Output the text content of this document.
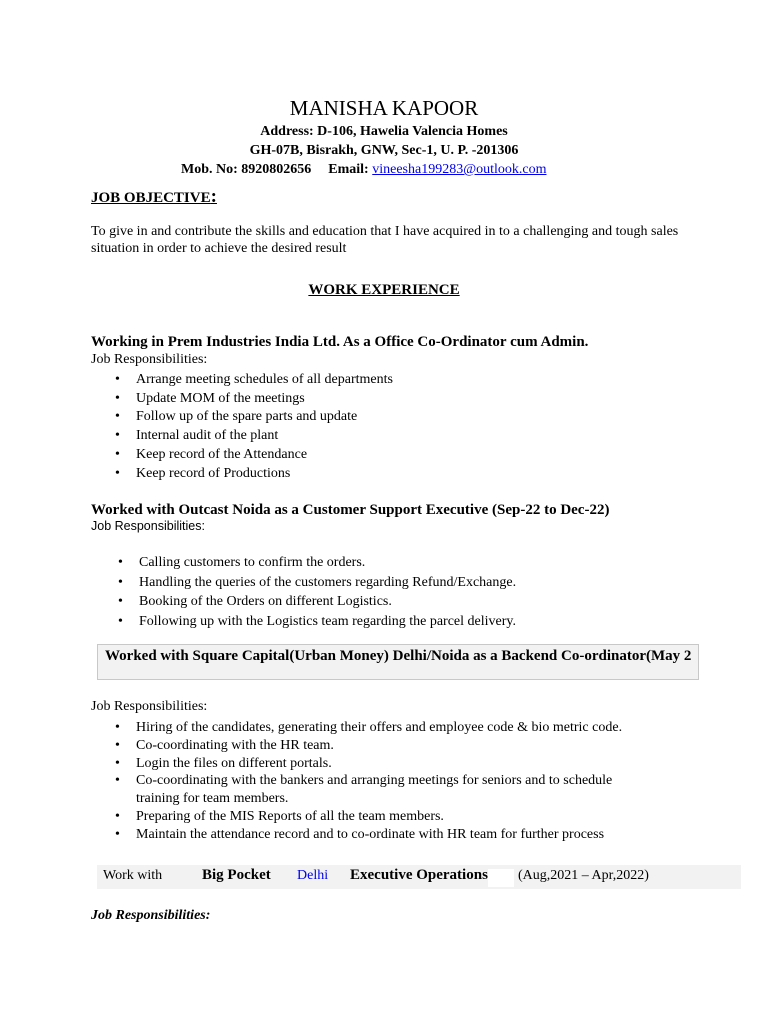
MANISHA KAPOOR
Address: D-106, Hawelia Valencia Homes
GH-07B, Bisrakh, GNW, Sec-1, U. P. -201306
Mob. No: 8920802656 Email: vineesha199283@outlook.com
JOB OBJECTIVE:
To give in and contribute the skills and education that I have acquired in to a challenging and tough sales situation in order to achieve the desired result
WORK EXPERIENCE
Working in Prem Industries India Ltd. As a Office Co-Ordinator cum Admin.
Job Responsibilities:
• Arrange meeting schedules of all departments
• Update MOM of the meetings
• Follow up of the spare parts and update
• Internal audit of the plant
• Keep record of the Attendance
• Keep record of Productions
Worked with Outcast Noida as a Customer Support Executive (Sep-22 to Dec-22)
Job Responsibilities:
• Calling customers to confirm the orders.
• Handling the queries of the customers regarding Refund/Exchange.
• Booking of the Orders on different Logistics.
• Following up with the Logistics team regarding the parcel delivery.
Worked with Square Capital(Urban Money) Delhi/Noida as a Backend Co-ordinator(May 2
Job Responsibilities:
• Hiring of the candidates, generating their offers and employee code & bio metric code.
• Co-coordinating with the HR team.
• Login the files on different portals.
• Co-coordinating with the bankers and arranging meetings for seniors and to schedule training for team members.
• Preparing of the MIS Reports of all the team members.
• Maintain the attendance record and to co-ordinate with HR team for further process
Work with	Big Pocket Delhi Executive Operations (Aug,2021 – Apr,2022)
Job Responsibilities:
